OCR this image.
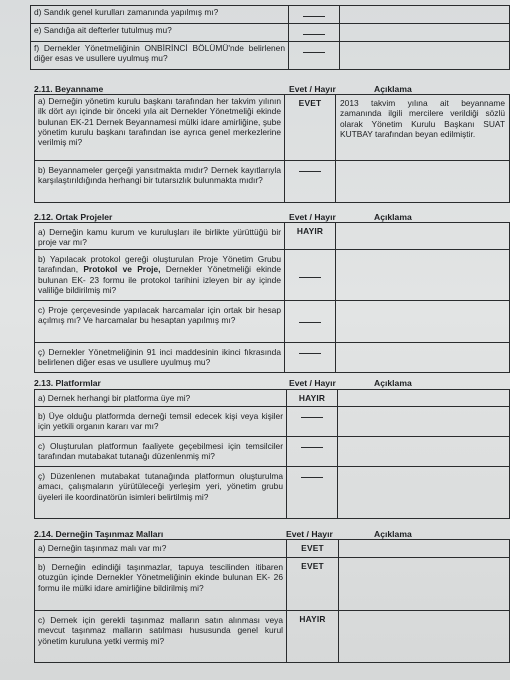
d) Sandık genel kurulları zamanında yapılmış mı?		
e) Sandığa ait defterler tutulmuş mu?		
f) Dernekler Yönetmeliğinin ONBİRİNCİ BÖLÜMÜ'nde belirlenen diğer esas ve usullere uyulmuş mu?		
2.11. Beyanname	Evet / Hayır	Açıklama
a) Derneğin yönetim kurulu başkanı tarafından her takvim yılının ilk dört ayı içinde bir önceki yıla ait Dernekler Yönetmeliği ekinde bulunan EK-21 Dernek Beyannamesi mülki idare amirliğine, şube yönetim kurulu başkanı tarafından ise ayrıca genel merkezlerine verilmiş mi?	EVET	2013 takvim yılına ait beyanname zamanında ilgili mercilere verildiği sözlü olarak Yönetim Kurulu Başkanı SUAT KUTBAY tarafından beyan edilmiştir.
b) Beyannameler gerçeği yansıtmakta mıdır? Dernek kayıtlarıyla karşılaştırıldığında herhangi bir tutarsızlık bulunmakta mıdır?		
2.12. Ortak Projeler	Evet / Hayır	Açıklama
a) Derneğin kamu kurum ve kuruluşları ile birlikte yürüttüğü bir proje var mı?	HAYIR	
b) Yapılacak protokol gereği oluşturulan Proje Yönetim Grubu tarafından, Protokol ve Proje, Dernekler Yönetmeliği ekinde bulunan EK- 23 formu ile protokol tarihini izleyen bir ay içinde valiliğe bildirilmiş mi?		
c) Proje çerçevesinde yapılacak harcamalar için ortak bir hesap açılmış mı? Ve harcamalar bu hesaptan yapılmış mı?		
ç) Dernekler Yönetmeliğinin 91 inci maddesinin ikinci fıkrasında belirlenen diğer esas ve usullere uyulmuş mu?		
2.13. Platformlar	Evet / Hayır	Açıklama
a) Dernek herhangi bir platforma üye mi?	HAYIR	
b) Üye olduğu platformda derneği temsil edecek kişi veya kişiler için yetkili organın kararı var mı?		
c) Oluşturulan platformun faaliyete geçebilmesi için temsilciler tarafından mutabakat tutanağı düzenlenmiş mi?		
ç) Düzenlenen mutabakat tutanağında platformun oluşturulma amacı, çalışmaların yürütüleceği yerleşim yeri, yönetim grubu üyeleri ile koordinatörün isimleri belirtilmiş mi?		
2.14. Derneğin Taşınmaz Malları	Evet / Hayır	Açıklama
a) Derneğin taşınmaz malı var mı?	EVET	
b) Derneğin edindiği taşınmazlar, tapuya tescilinden itibaren otuzgün içinde Dernekler Yönetmeliğinin ekinde bulunan EK- 26 formu ile mülki idare amirliğine bildirilmiş mi?	EVET	
c) Dernek için gerekli taşınmaz malların satın alınması veya mevcut taşınmaz malların satılması hususunda genel kurul yönetim kuruluna yetki vermiş mi?	HAYIR	
